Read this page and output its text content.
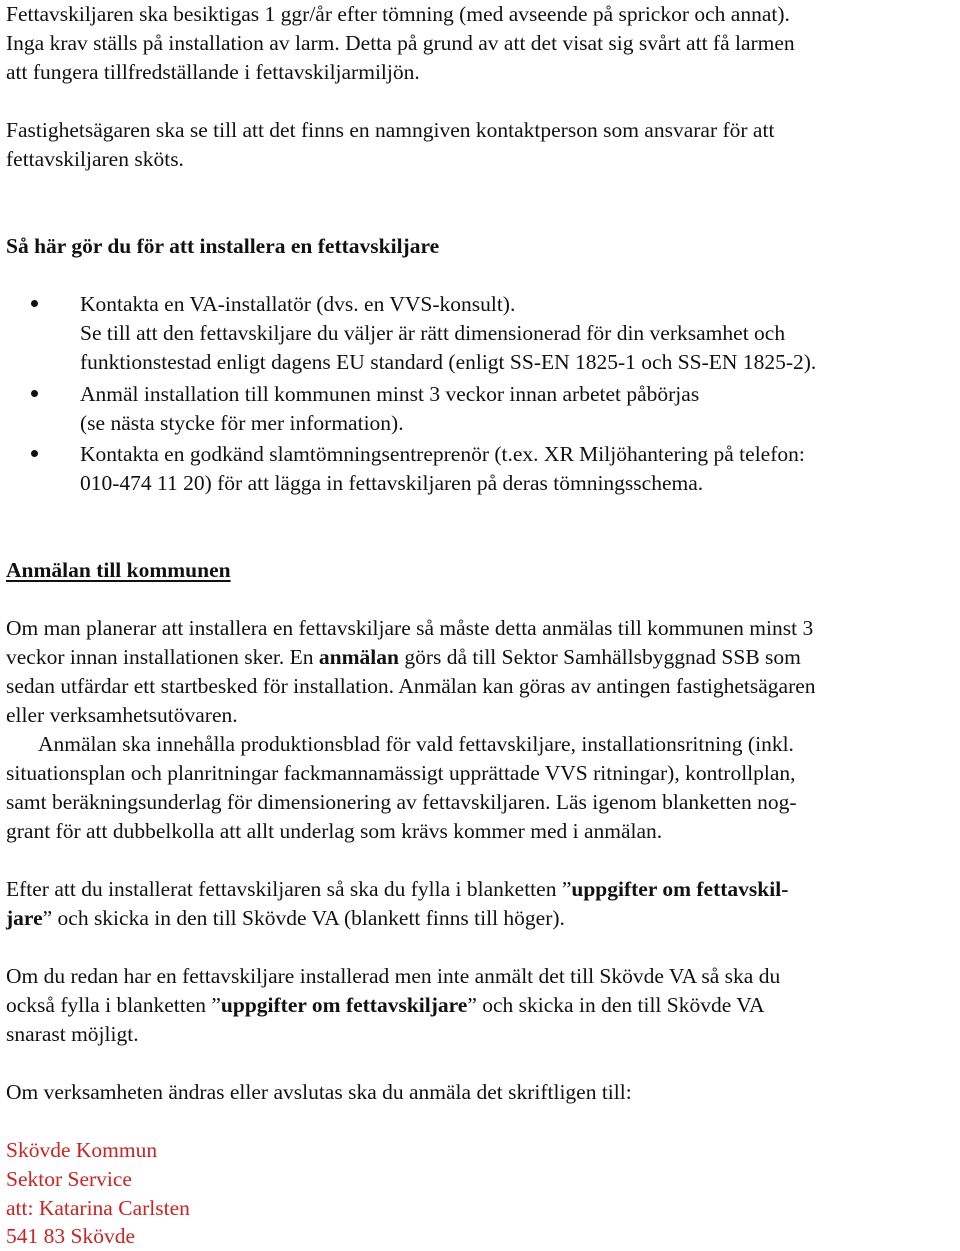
Fettavskiljaren ska besiktigas 1 ggr/år efter tömning (med avseende på sprickor och annat).
Inga krav ställs på installation av larm. Detta på grund av att det visat sig svårt att få larmen
att fungera tillfredställande i fettavskiljarmiljön.
Fastighetsägaren ska se till att det finns en namngiven kontaktperson som ansvarar för att
fettavskiljaren sköts.
Så här gör du för att installera en fettavskiljare
Kontakta en VA-installatör (dvs. en VVS-konsult).
Se till att den fettavskiljare du väljer är rätt dimensionerad för din verksamhet och
funktionstestad enligt dagens EU standard (enligt SS-EN 1825-1 och SS-EN 1825-2).
Anmäl installation till kommunen minst 3 veckor innan arbetet påbörjas
(se nästa stycke för mer information).
Kontakta en godkänd slamtömningsentreprenör (t.ex. XR Miljöhantering på telefon:
010-474 11 20) för att lägga in fettavskiljaren på deras tömningsschema.
Anmälan till kommunen
Om man planerar att installera en fettavskiljare så måste detta anmälas till kommunen minst 3
veckor innan installationen sker. En anmälan görs då till Sektor Samhällsbyggnad SSB som
sedan utfärdar ett startbesked för installation. Anmälan kan göras av antingen fastighetsägaren
eller verksamhetsutövaren.
Anmälan ska innehålla produktionsblad för vald fettavskiljare, installationsritning (inkl.
situationsplan och planritningar fackmannamässigt upprättade VVS ritningar), kontrollplan,
samt beräkningsunderlag för dimensionering av fettavskiljaren. Läs igenom blanketten nog-
grant för att dubbelkolla att allt underlag som krävs kommer med i anmälan.
Efter att du installerat fettavskiljaren så ska du fylla i blanketten ”uppgifter om fettavskil-
jare” och skicka in den till Skövde VA (blankett finns till höger).
Om du redan har en fettavskiljare installerad men inte anmält det till Skövde VA så ska du
också fylla i blanketten ”uppgifter om fettavskiljare” och skicka in den till Skövde VA
snarast möjligt.
Om verksamheten ändras eller avslutas ska du anmäla det skriftligen till:
Skövde Kommun
Sektor Service
att: Katarina Carlsten
541 83 Skövde
